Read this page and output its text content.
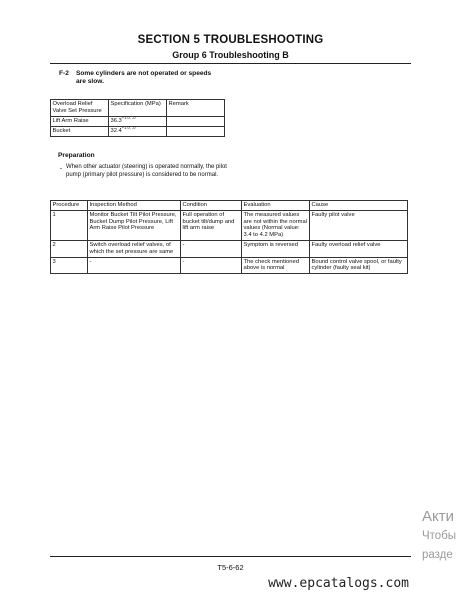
SECTION 5 TROUBLESHOOTING
Group 6 Troubleshooting B
F-2 Some cylinders are not operated or speeds are slow.
Overload Relief Valve Set Pressure	Specification (MPa)	Remark
Lift Arm Raise	$36.3^{+1.0, -0}$	
Bucket	$32.4^{+1.0, -0}$	
Preparation
・ When other actuator (steering) is operated normally, the pilot pump (primary pilot pressure) is considered to be normal.
Procedure	Inspection Method	Condition	Evaluation	Cause
1	Monitor Bucket Tilt Pilot Pressure, Bucket Dump Pilot Pressure, Lift Arm Raise Pilot Pressure	Full operation of bucket tilt/dump and lift arm raise	The measured values are not within the normal values (Normal value: 3.4 to 4.2 MPa)	Faulty pilot valve
2	Switch overload relief valves, of which the set pressure are same	-	Symptom is reversed	Faulty overload relief valve
3	-	-	The check mentioned above is normal	Bound control valve spool, or faulty cylinder (faulty seal kit)
T5-6-62
Акти
Чтобы
разде
www.epcatalogs.com
